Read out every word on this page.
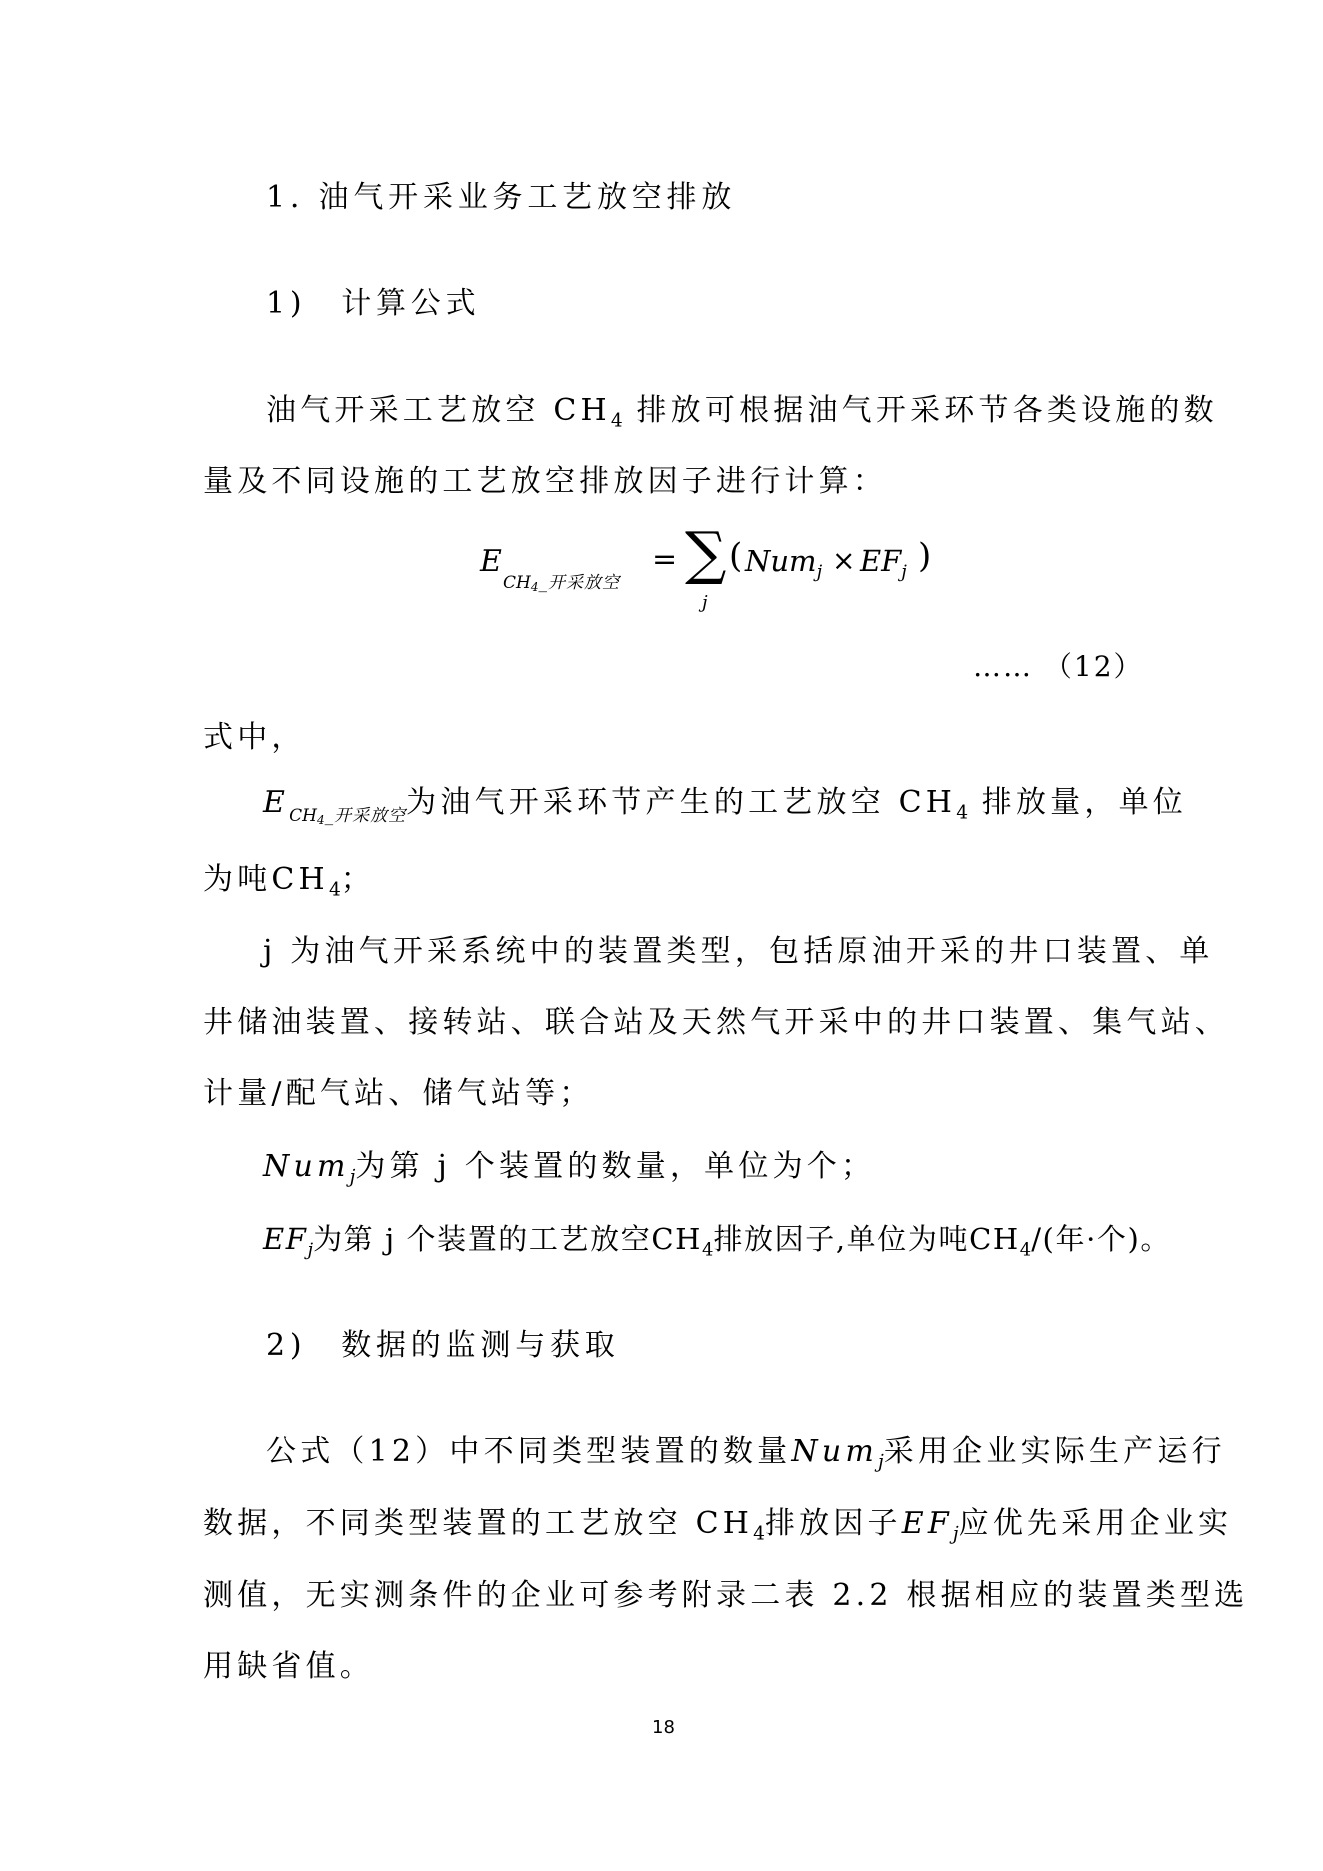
1. 油气开采业务工艺放空排放
1)　计算公式
油气开采工艺放空 $CH_4$ 排放可根据油气开采环节各类设施的数
量及不同设施的工艺放空排放因子进行计算：
E
CH4_开采放空
= ∑
j
( $Num_j \times EF_j$ )
…… （12）
式中，
$E_{CH4\_开采放空}$为油气开采环节产生的工艺放空 $CH_4$ 排放量，单位
为吨$CH_4$；
j 为油气开采系统中的装置类型，包括原油开采的井口装置、单
井储油装置、接转站、联合站及天然气开采中的井口装置、集气站、
计量/配气站、储气站等；
Num$_j$为第 j 个装置的数量，单位为个；
$EF_j$为第 j 个装置的工艺放空$CH_4$排放因子,单位为吨$CH_4/$(年·个)。
2)　数据的监测与获取
公式（12）中不同类型装置的数量Num$_j$采用企业实际生产运行
数据，不同类型装置的工艺放空 $CH_4$排放因子$EF_j$应优先采用企业实
测值，无实测条件的企业可参考附录二表 2.2 根据相应的装置类型选
用缺省值。
18
